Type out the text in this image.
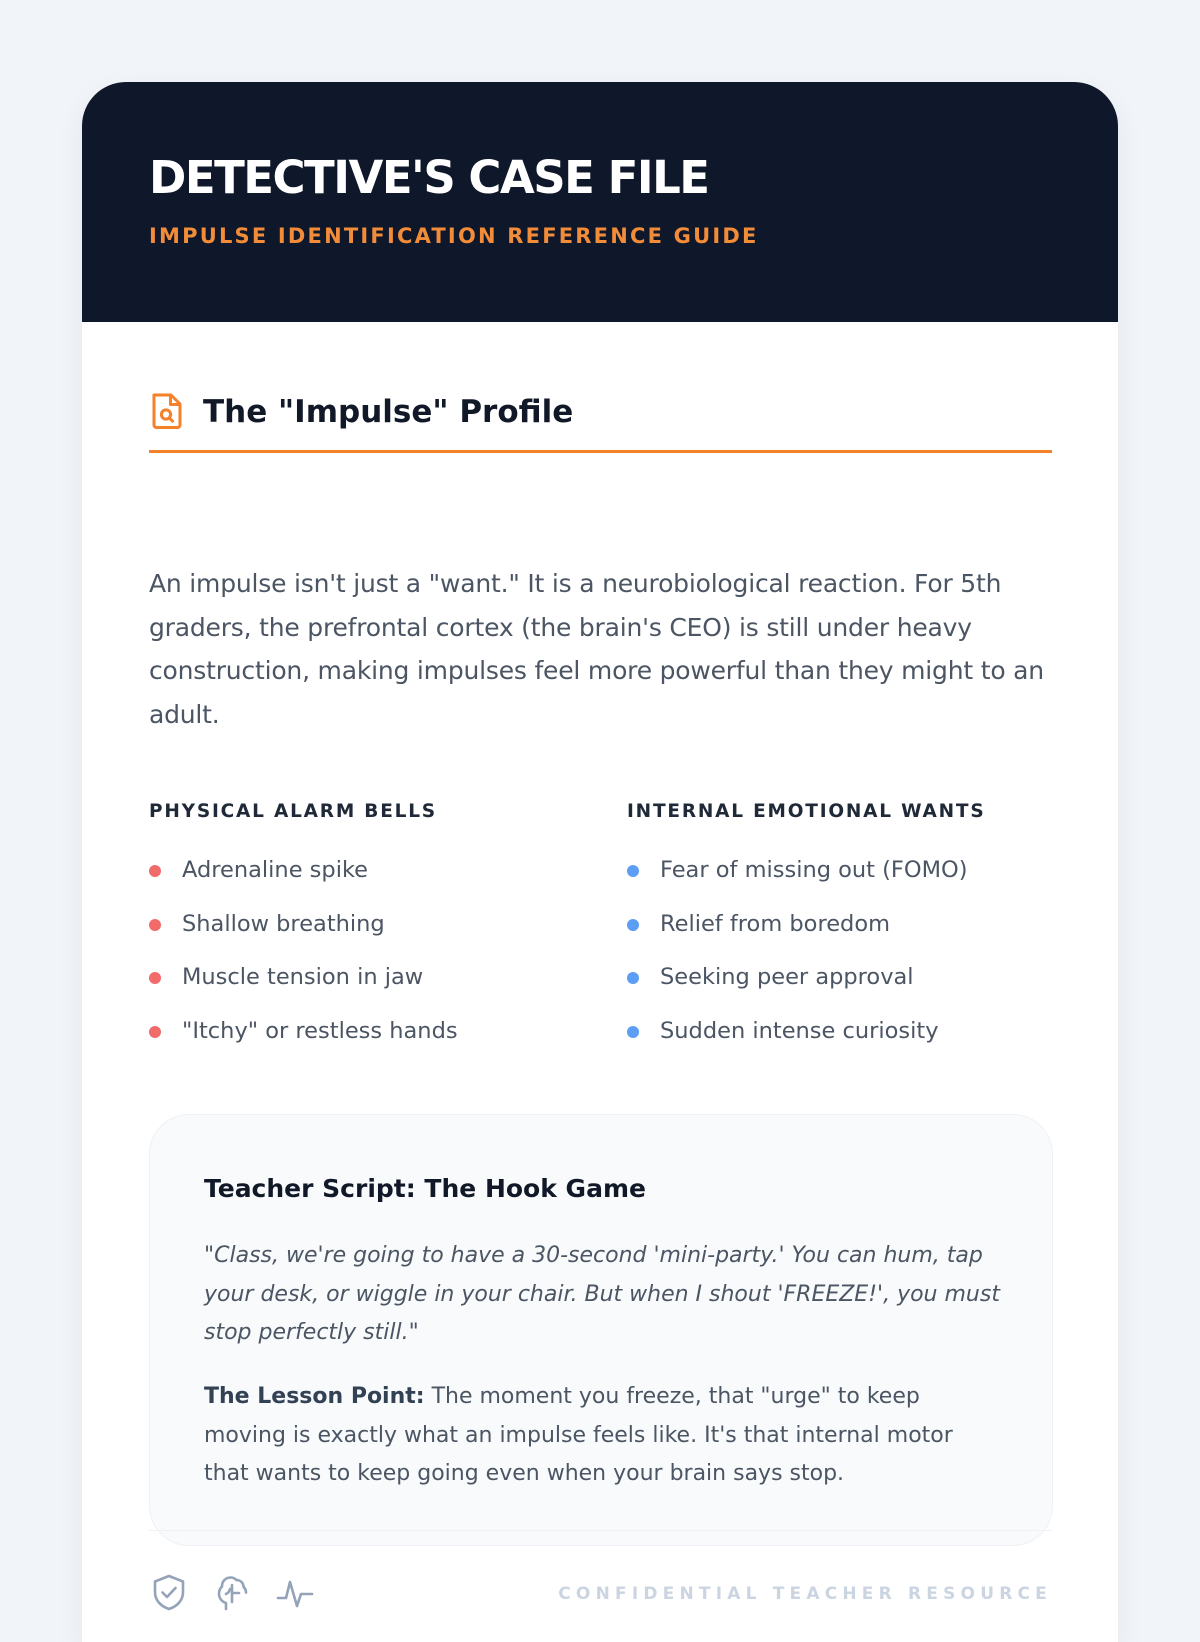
DETECTIVE'S CASE FILE

IMPULSE IDENTIFICATION REFERENCE GUIDE

The "Impulse" Profile

An impulse isn't just a "want." It is a neurobiological reaction. For 5th graders, the prefrontal cortex (the brain's CEO) is still under heavy construction, making impulses feel more powerful than they might to an adult.

PHYSICAL ALARM BELLS
Adrenaline spike
Shallow breathing
Muscle tension in jaw
"Itchy" or restless hands
INTERNAL EMOTIONAL WANTS
Fear of missing out (FOMO)
Relief from boredom
Seeking peer approval
Sudden intense curiosity
Teacher Script: The Hook Game

"Class, we're going to have a 30-second 'mini-party.' You can hum, tap your desk, or wiggle in your chair. But when I shout 'FREEZE!', you must stop perfectly still."

The Lesson Point: The moment you freeze, that "urge" to keep moving is exactly what an impulse feels like. It's that internal motor that wants to keep going even when your brain says stop.

CONFIDENTIAL TEACHER RESOURCE
